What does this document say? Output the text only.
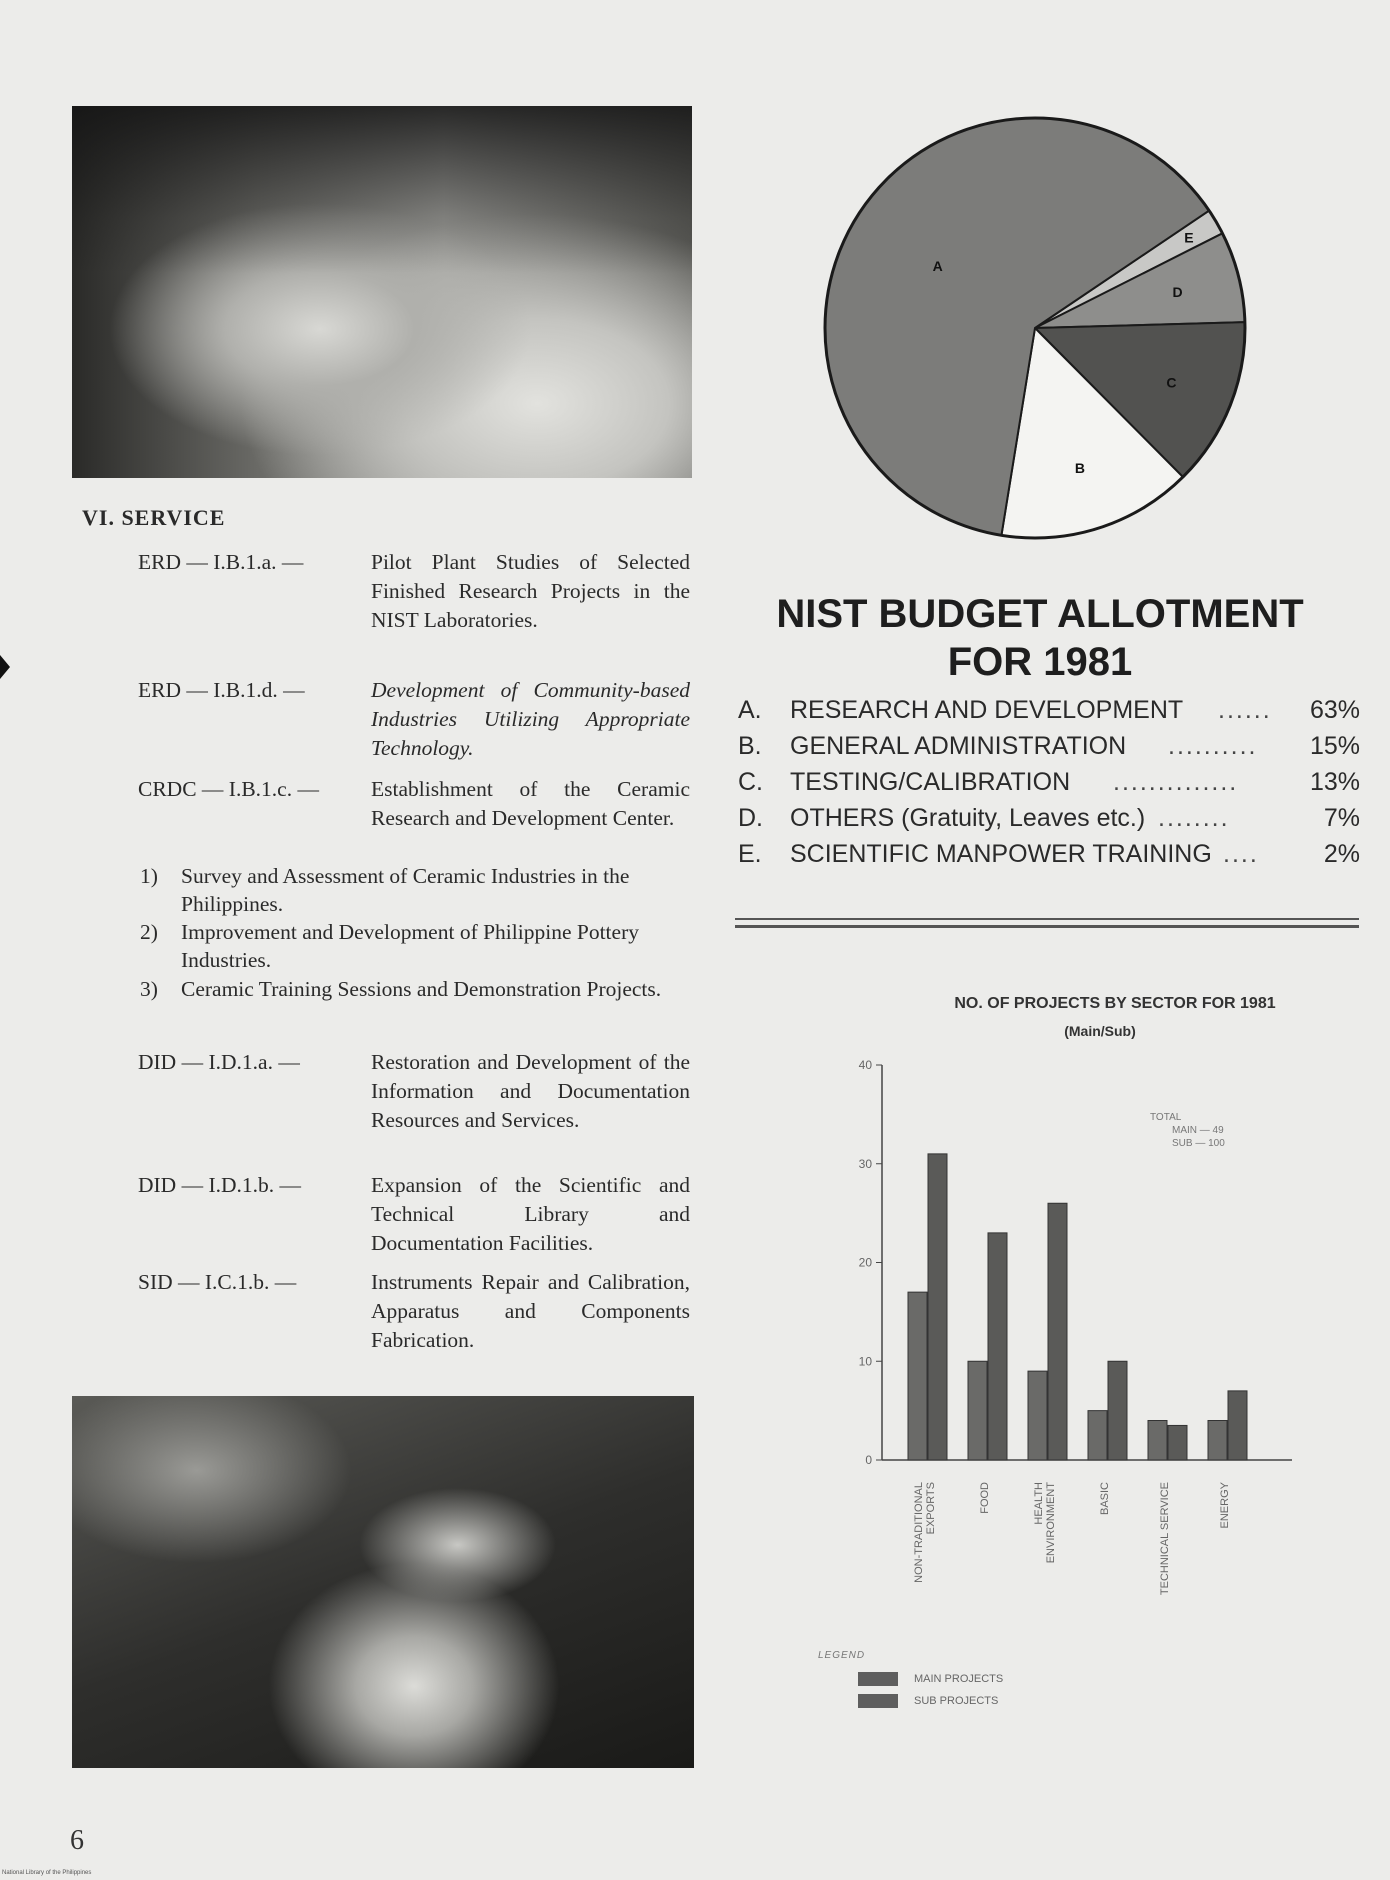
VI. SERVICE
ERD — I.B.1.a. —	Pilot Plant Studies of Selected Finished Research Projects in the NIST Laboratories.
ERD — I.B.1.d. —	Development of Community-based Industries Utilizing Appropriate Technology.
CRDC — I.B.1.c. —	Establishment of the Ceramic Research and Development Center.
DID — I.D.1.a. —	Restoration and Development of the Information and Documentation Resources and Services.
DID — I.D.1.b. —	Expansion of the Scientific and Technical Library and Documentation Facilities.
SID — I.C.1.b. —	Instruments Repair and Calibration, Apparatus and Components Fabrication.
1) Survey and Assessment of Ceramic Industries in the Philippines.
2) Improvement and Development of Philippine Pottery Industries.
3) Ceramic Training Sessions and Demonstration Projects.
E
D
C
B
A
NIST BUDGET ALLOTMENT
FOR 1981
A. RESEARCH AND DEVELOPMENT ...... 63%
B. GENERAL ADMINISTRATION .......... 15%
C. TESTING/CALIBRATION ..............	13%
D. OTHERS (Gratuity, Leaves etc.) ........	7%
E. SCIENTIFIC MANPOWER TRAINING ....	2%
NO. OF PROJECTS BY SECTOR FOR 1981
(Main/Sub)
0
10
20
30
40
TOTAL
MAIN — 49
SUB — 100
LEGEND
MAIN PROJECTS
SUB PROJECTS
6
National Library of the Philippines
NON-TRADITIONALEXPORTS	FOOD	HEALTHENVIRONMENT	BASIC	TECHNICAL SERVICE	ENERGY
